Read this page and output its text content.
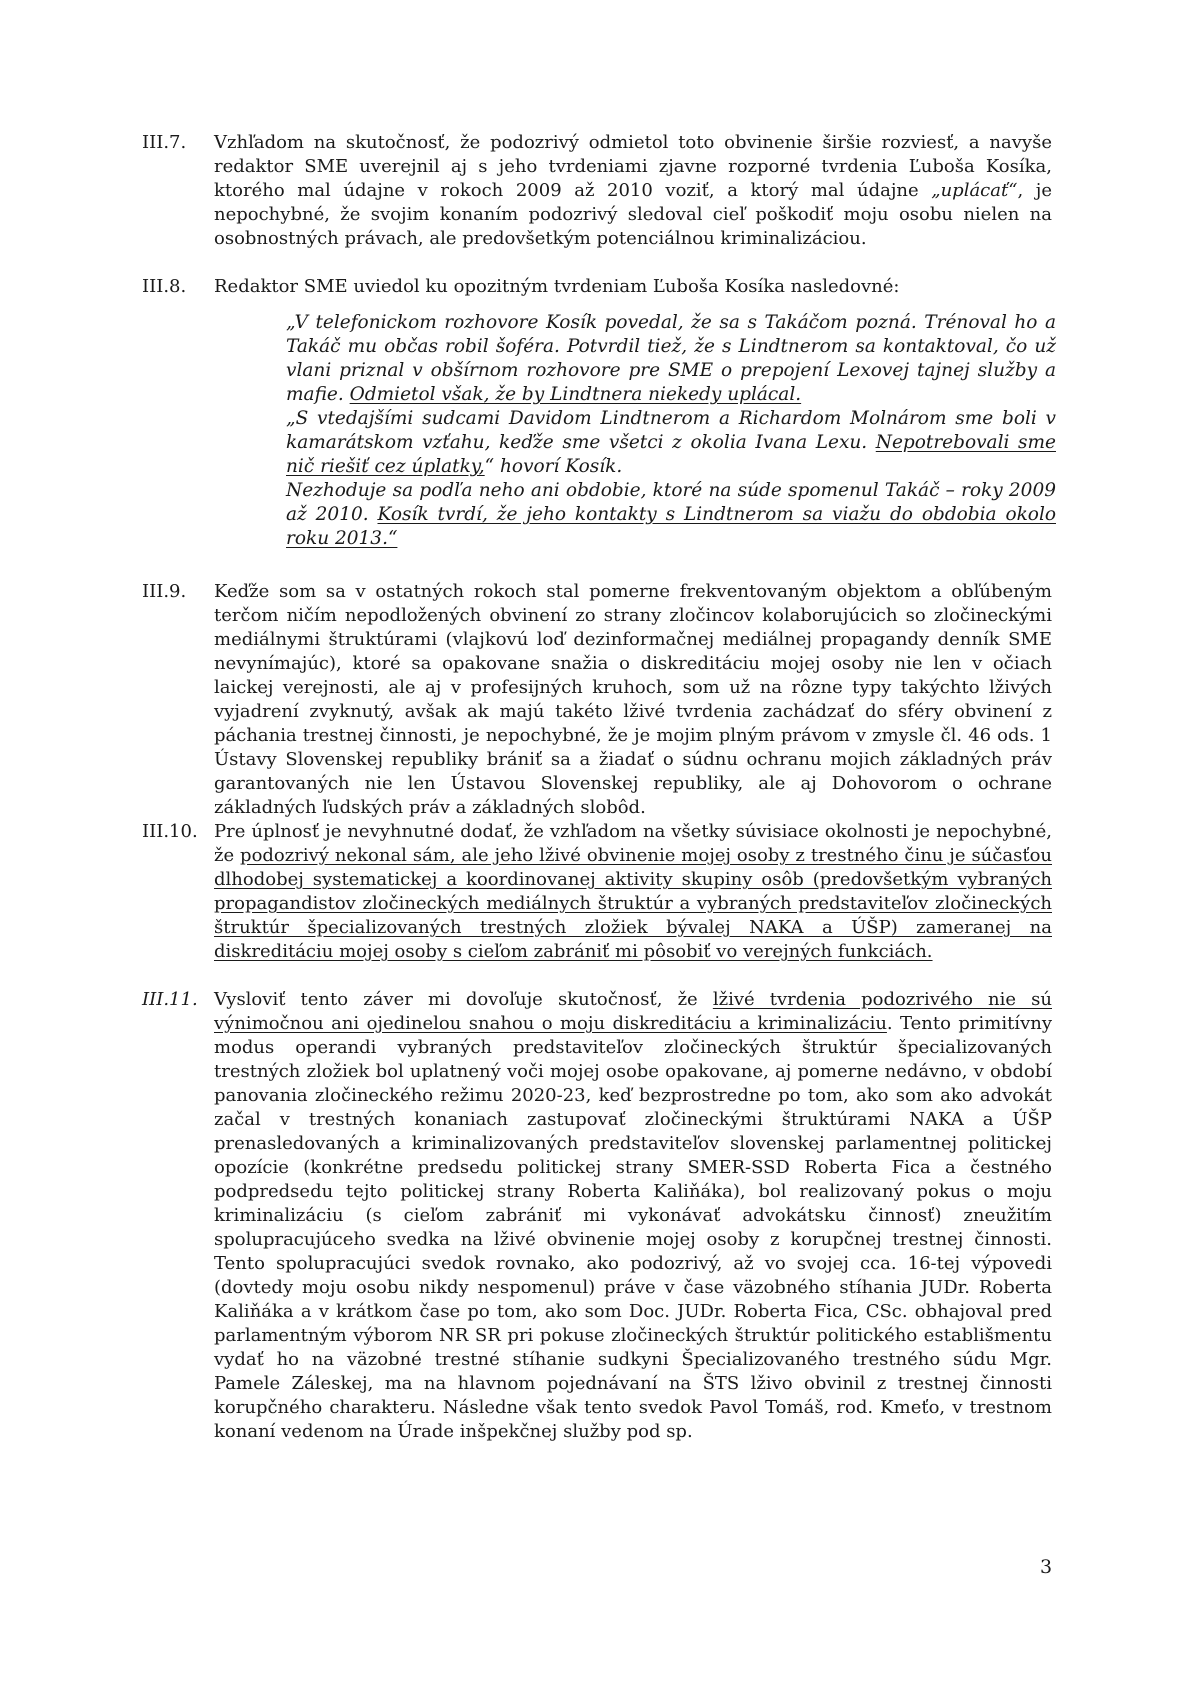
III.7.	Vzhľadom na skutočnosť, že podozrivý odmietol toto obvinenie širšie rozviesť, a navyše redaktor SME uverejnil aj s jeho tvrdeniami zjavne rozporné tvrdenia Ľuboša Kosíka, ktorého mal údajne v rokoch 2009 až 2010 voziť, a ktorý mal údajne „uplácať“, je nepochybné, že svojim konaním podozrivý sledoval cieľ poškodiť moju osobu nielen na osobnostných právach, ale predovšetkým potenciálnou kriminalizáciou.

III.8.	Redaktor SME uviedol ku opozitným tvrdeniam Ľuboša Kosíka nasledovné:

„V telefonickom rozhovore Kosík povedal, že sa s Takáčom pozná. Trénoval ho a Takáč mu občas robil šoféra. Potvrdil tiež, že s Lindtnerom sa kontaktoval, čo už vlani priznal v obšírnom rozhovore pre SME o prepojení Lexovej tajnej služby a mafie. Odmietol však, že by Lindtnera niekedy uplácal.

„S vtedajšími sudcami Davidom Lindtnerom a Richardom Molnárom sme boli v kamarátskom vzťahu, keďže sme všetci z okolia Ivana Lexu. Nepotrebovali sme nič riešiť cez úplatky,“ hovorí Kosík.

Nezhoduje sa podľa neho ani obdobie, ktoré na súde spomenul Takáč – roky 2009 až 2010. Kosík tvrdí, že jeho kontakty s Lindtnerom sa viažu do obdobia okolo roku 2013.“

III.9.	Keďže som sa v ostatných rokoch stal pomerne frekventovaným objektom a obľúbeným terčom ničím nepodložených obvinení zo strany zločincov kolaborujúcich so zločineckými mediálnymi štruktúrami (vlajkovú loď dezinformačnej mediálnej propagandy denník SME nevynímajúc), ktoré sa opakovane snažia o diskreditáciu mojej osoby nie len v očiach laickej verejnosti, ale aj v profesijných kruhoch, som už na rôzne typy takýchto lživých vyjadrení zvyknutý, avšak ak majú takéto lživé tvrdenia zachádzať do sféry obvinení z páchania trestnej činnosti, je nepochybné, že je mojim plným právom v zmysle čl. 46 ods. 1 Ústavy Slovenskej republiky brániť sa a žiadať o súdnu ochranu mojich základných práv garantovaných nie len Ústavou Slovenskej republiky, ale aj Dohovorom o ochrane základných ľudských práv a základných slobôd.

III.10. Pre úplnosť je nevyhnutné dodať, že vzhľadom na všetky súvisiace okolnosti je nepochybné, že podozrivý nekonal sám, ale jeho lživé obvinenie mojej osoby z trestného činu je súčasťou dlhodobej systematickej a koordinovanej aktivity skupiny osôb (predovšetkým vybraných propagandistov zločineckých mediálnych štruktúr a vybraných predstaviteľov zločineckých štruktúr špecializovaných trestných zložiek bývalej NAKA a ÚŠP) zameranej na diskreditáciu mojej osoby s cieľom zabrániť mi pôsobiť vo verejných funkciách.

III.11. Vysloviť tento záver mi dovoľuje skutočnosť, že lživé tvrdenia podozrivého nie sú výnimočnou ani ojedinelou snahou o moju diskreditáciu a kriminalizáciu. Tento primitívny modus operandi vybraných predstaviteľov zločineckých štruktúr špecializovaných trestných zložiek bol uplatnený voči mojej osobe opakovane, aj pomerne nedávno, v období panovania zločineckého režimu 2020-23, keď bezprostredne po tom, ako som ako advokát začal v trestných konaniach zastupovať zločineckými štruktúrami NAKA a ÚŠP prenasledovaných a kriminalizovaných predstaviteľov slovenskej parlamentnej politickej opozície (konkrétne predsedu politickej strany SMER-SSD Roberta Fica a čestného podpredsedu tejto politickej strany Roberta Kaliňáka), bol realizovaný pokus o moju kriminalizáciu (s cieľom zabrániť mi vykonávať advokátsku činnosť) zneužitím spolupracujúceho svedka na lživé obvinenie mojej osoby z korupčnej trestnej činnosti. Tento spolupracujúci svedok rovnako, ako podozrivý, až vo svojej cca. 16-tej výpovedi (dovtedy moju osobu nikdy nespomenul) práve v čase väzobného stíhania JUDr. Roberta Kaliňáka a v krátkom čase po tom, ako som Doc. JUDr. Roberta Fica, CSc. obhajoval pred parlamentným výborom NR SR pri pokuse zločineckých štruktúr politického establišmentu vydať ho na väzobné trestné stíhanie sudkyni Špecializovaného trestného súdu Mgr. Pamele Záleskej, ma na hlavnom pojednávaní na ŠTS lživo obvinil z trestnej činnosti korupčného charakteru. Následne však tento svedok Pavol Tomáš, rod. Kmeťo, v trestnom konaní vedenom na Úrade inšpekčnej služby pod sp.

3
